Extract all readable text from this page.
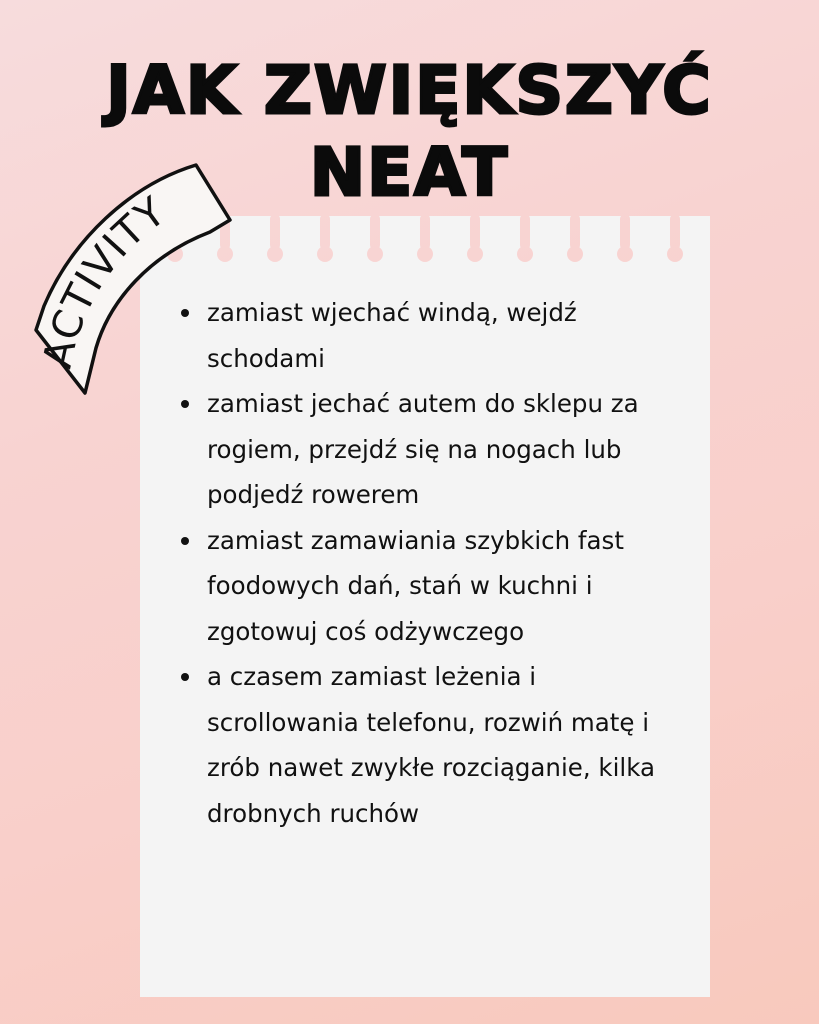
JAK ZWIĘKSZYĆ
NEAT
ACTIVITY
zamiast wjechać windą, wejdź schodami
zamiast jechać autem do sklepu za rogiem, przejdź się na nogach lub podjedź rowerem
zamiast zamawiania szybkich fast foodowych dań, stań w kuchni i zgotowuj coś odżywczego
a czasem zamiast leżenia i scrollowania telefonu, rozwiń matę i zrób nawet zwykłe rozciąganie, kilka drobnych ruchów
